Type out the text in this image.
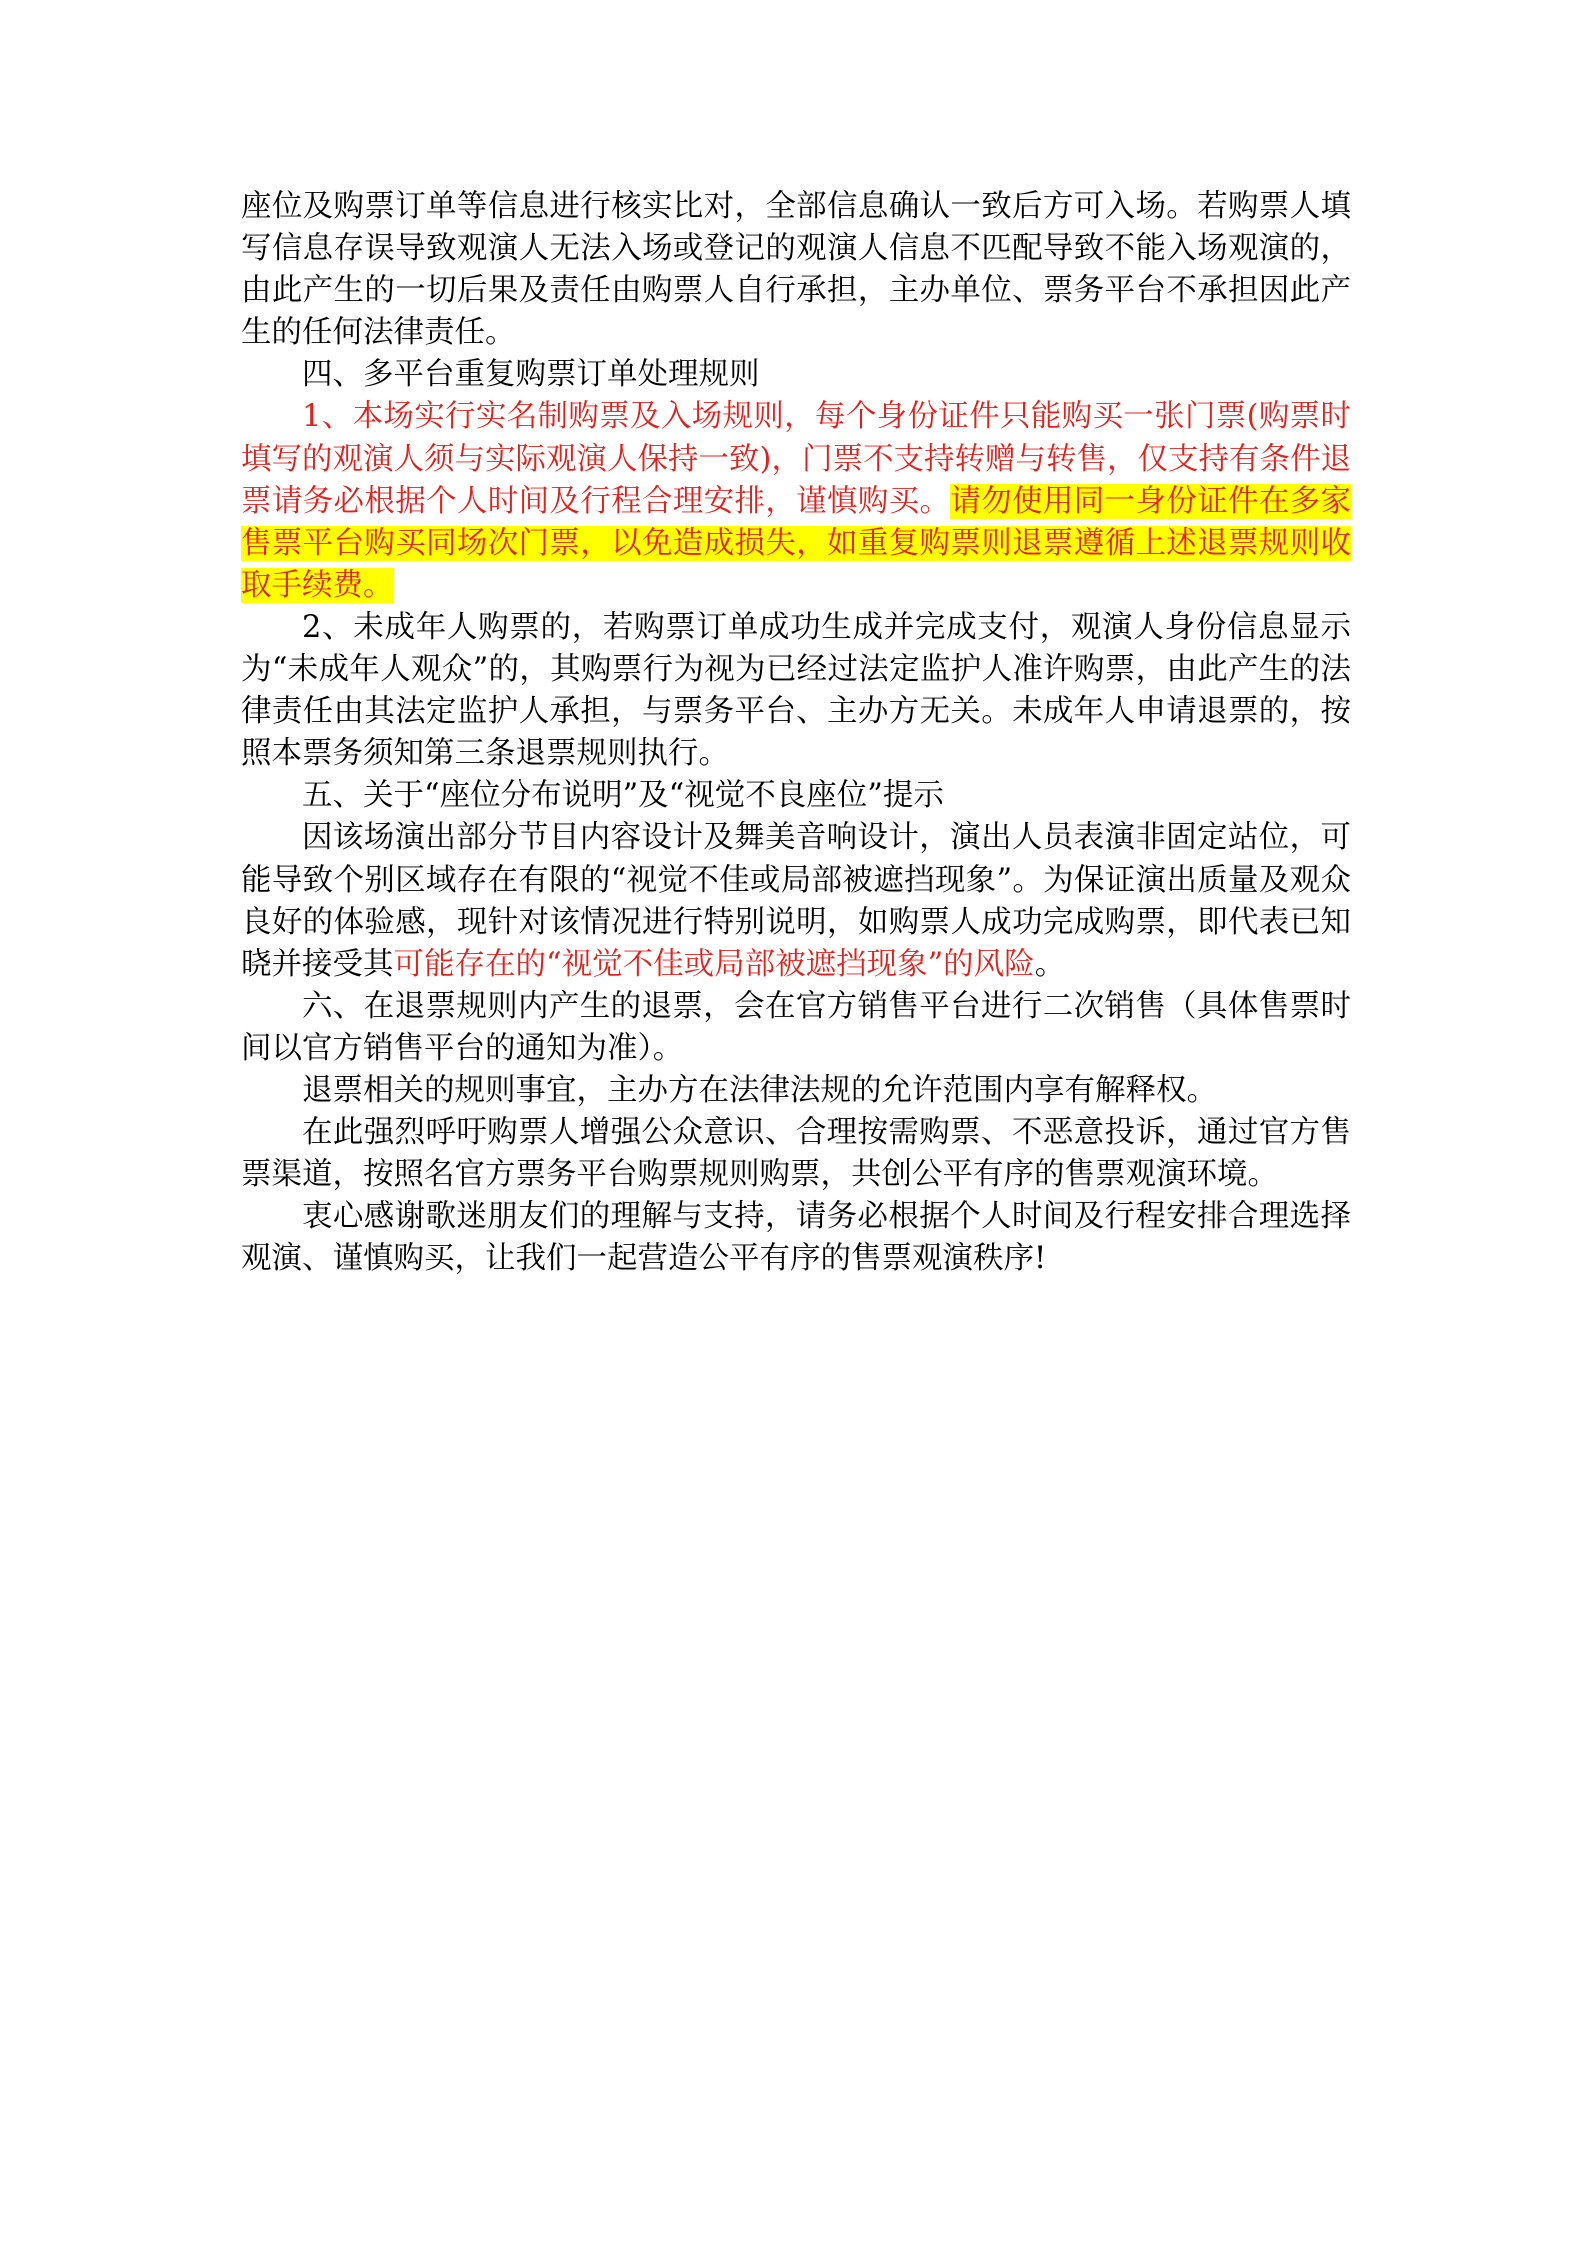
座位及购票订单等信息进行核实比对，全部信息确认一致后方可入场。若购票人填写信息存误导致观演人无法入场或登记的观演人信息不匹配导致不能入场观演的，由此产生的一切后果及责任由购票人自行承担，主办单位、票务平台不承担因此产生的任何法律责任。

四、多平台重复购票订单处理规则

1、本场实行实名制购票及入场规则，每个身份证件只能购买一张门票(购票时填写的观演人须与实际观演人保持一致)，门票不支持转赠与转售，仅支持有条件退票请务必根据个人时间及行程合理安排，谨慎购买。请勿使用同一身份证件在多家售票平台购买同场次门票，以免造成损失，如重复购票则退票遵循上述退票规则收取手续费。

2、未成年人购票的，若购票订单成功生成并完成支付，观演人身份信息显示为“未成年人观众”的，其购票行为视为已经过法定监护人准许购票，由此产生的法律责任由其法定监护人承担，与票务平台、主办方无关。未成年人申请退票的，按照本票务须知第三条退票规则执行。

五、关于“座位分布说明”及“视觉不良座位”提示

因该场演出部分节目内容设计及舞美音响设计，演出人员表演非固定站位，可能导致个别区域存在有限的“视觉不佳或局部被遮挡现象”。为保证演出质量及观众良好的体验感，现针对该情况进行特别说明，如购票人成功完成购票，即代表已知晓并接受其可能存在的“视觉不佳或局部被遮挡现象”的风险。

六、在退票规则内产生的退票，会在官方销售平台进行二次销售（具体售票时间以官方销售平台的通知为准）。

退票相关的规则事宜，主办方在法律法规的允许范围内享有解释权。

在此强烈呼吁购票人增强公众意识、合理按需购票、不恶意投诉，通过官方售票渠道，按照名官方票务平台购票规则购票，共创公平有序的售票观演环境。

衷心感谢歌迷朋友们的理解与支持，请务必根据个人时间及行程安排合理选择观演、谨慎购买，让我们一起营造公平有序的售票观演秩序!
